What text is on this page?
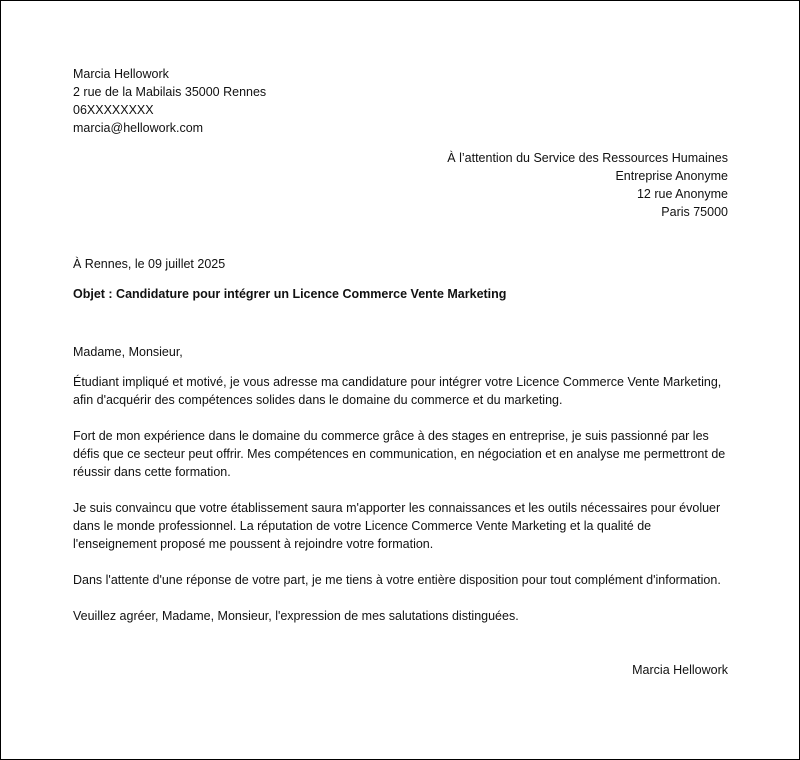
Marcia Hellowork
2 rue de la Mabilais 35000 Rennes
06XXXXXXXX
marcia@hellowork.com
À l’attention du Service des Ressources Humaines
Entreprise Anonyme
12 rue Anonyme
Paris 75000
À Rennes, le 09 juillet 2025
Objet : Candidature pour intégrer un Licence Commerce Vente Marketing
Madame, Monsieur,

Étudiant impliqué et motivé, je vous adresse ma candidature pour intégrer votre Licence Commerce Vente Marketing, afin d'acquérir des compétences solides dans le domaine du commerce et du marketing.

Fort de mon expérience dans le domaine du commerce grâce à des stages en entreprise, je suis passionné par les défis que ce secteur peut offrir. Mes compétences en communication, en négociation et en analyse me permettront de réussir dans cette formation.

Je suis convaincu que votre établissement saura m'apporter les connaissances et les outils nécessaires pour évoluer dans le monde professionnel. La réputation de votre Licence Commerce Vente Marketing et la qualité de l'enseignement proposé me poussent à rejoindre votre formation.

Dans l'attente d'une réponse de votre part, je me tiens à votre entière disposition pour tout complément d'information.

Veuillez agréer, Madame, Monsieur, l'expression de mes salutations distinguées.

Marcia Hellowork
